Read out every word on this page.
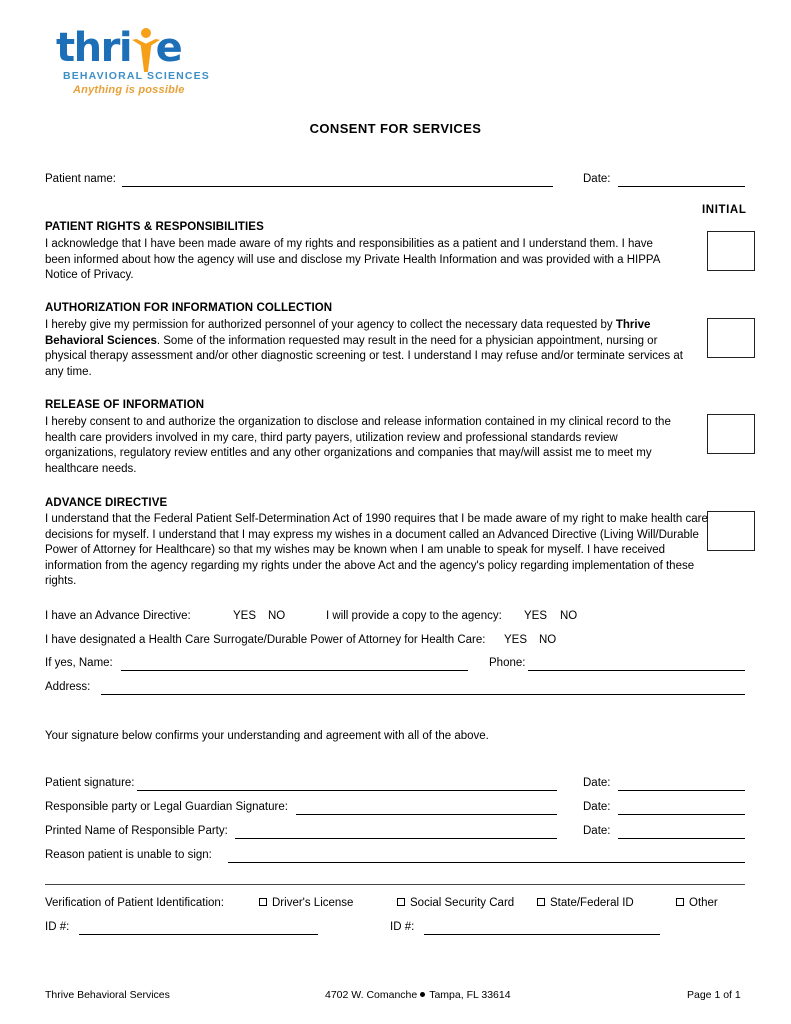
thri e
BEHAVIORAL SCIENCES
Anything is possible
CONSENT FOR SERVICES
Patient name:	Date:
INITIAL
PATIENT RIGHTS & RESPONSIBILITIES
I acknowledge that I have been made aware of my rights and responsibilities as a patient and I understand them. I have been informed about how the agency will use and disclose my Private Health Information and was provided with a HIPPA Notice of Privacy.
AUTHORIZATION FOR INFORMATION COLLECTION
I hereby give my permission for authorized personnel of your agency to collect the necessary data requested by Thrive Behavioral Sciences. Some of the information requested may result in the need for a physician appointment, nursing or physical therapy assessment and/or other diagnostic screening or test. I understand I may refuse and/or terminate services at any time.
RELEASE OF INFORMATION
I hereby consent to and authorize the organization to disclose and release information contained in my clinical record to the health care providers involved in my care, third party payers, utilization review and professional standards review organizations, regulatory review entitles and any other organizations and companies that may/will assist me to meet my healthcare needs.
ADVANCE DIRECTIVE
I understand that the Federal Patient Self-Determination Act of 1990 requires that I be made aware of my right to make health care decisions for myself. I understand that I may express my wishes in a document called an Advanced Directive (Living Will/Durable Power of Attorney for Healthcare) so that my wishes may be known when I am unable to speak for myself. I have received information from the agency regarding my rights under the above Act and the agency's policy regarding implementation of these rights.
I have an Advance Directive:	YES NO	I will provide a copy to the agency: YES NO
I have designated a Health Care Surrogate/Durable Power of Attorney for Health Care: YES NO
If yes, Name:	Phone:
Address:
Your signature below confirms your understanding and agreement with all of the above.
Patient signature:	Date:
Responsible party or Legal Guardian Signature:	Date:
Printed Name of Responsible Party:	Date:
Reason patient is unable to sign:
Verification of Patient Identification:	Driver's License	Social Security Card	State/Federal ID	Other
ID #:	ID #:
Thrive Behavioral Services	4702 W. Comanche Tampa, FL 33614	Page 1 of 1
